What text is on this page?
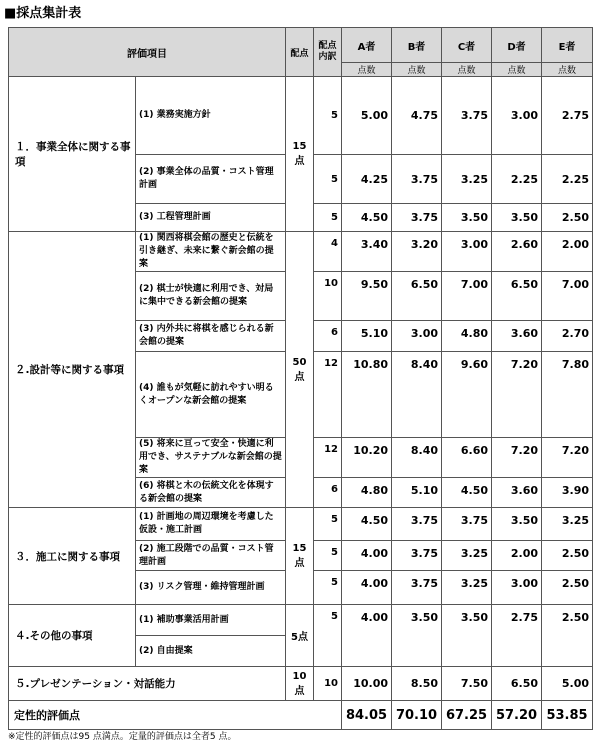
■採点集計表
評価項目		配点	配点
内訳	A者	B者	C者	D者	E者
				点数	点数	点数	点数	点数
１．事業全体に関する事項	(1) 業務実施方針	15点	5	5.00	4.75	3.75	3.00	2.75
	(2) 事業全体の品質・コスト管理計画		5	4.25	3.75	3.25	2.25	2.25
	(3) 工程管理計画		5	4.50	3.75	3.50	3.50	2.50
２.設計等に関する事項	(1) 関西将棋会館の歴史と伝統を引き継ぎ、未来に繋ぐ新会館の提案	50点	4	3.40	3.20	3.00	2.60	2.00
	(2) 棋士が快適に利用でき、対局に集中できる新会館の提案		10	9.50	6.50	7.00	6.50	7.00
	(3) 内外共に将棋を感じられる新会館の提案		6	5.10	3.00	4.80	3.60	2.70
	(4) 誰もが気軽に訪れやすい明るくオープンな新会館の提案		12	10.80	8.40	9.60	7.20	7.80
	(5) 将来に亘って安全・快適に利用でき、サステナブルな新会館の提案		12	10.20	8.40	6.60	7.20	7.20
	(6) 将棋と木の伝統文化を体現する新会館の提案		6	4.80	5.10	4.50	3.60	3.90
３．施工に関する事項	(1) 計画地の周辺環境を考慮した仮設・施工計画	15点	5	4.50	3.75	3.75	3.50	3.25
	(2) 施工段階での品質・コスト管理計画		5	4.00	3.75	3.25	2.00	2.50
	(3) リスク管理・維持管理計画		5	4.00	3.75	3.25	3.00	2.50
４.その他の事項	(1) 補助事業活用計画	5点	5	4.00	3.50	3.50	2.75	2.50
	(2) 自由提案							
５.プレゼンテーション・対話能力		10点	10	10.00	8.50	7.50	6.50	5.00
定性的評価点				84.05	70.10	67.25	57.20	53.85
※定性的評価点は95 点満点。定量的評価点は全者5 点。
